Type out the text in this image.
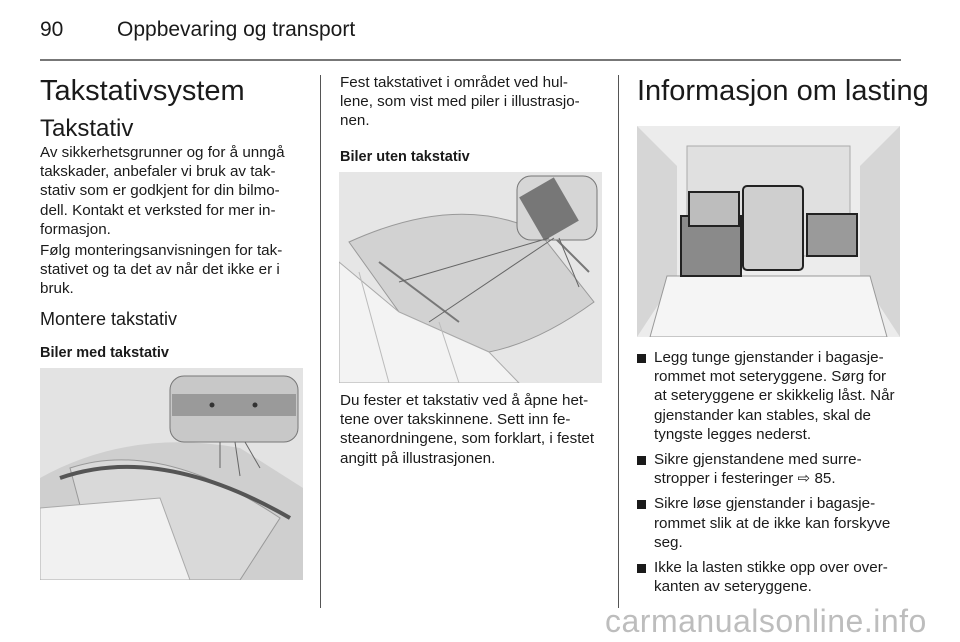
90	Oppbevaring og transport
Takstativsystem
Takstativ
Av sikkerhetsgrunner og for å unngå
takskader, anbefaler vi bruk av tak-
stativ som er godkjent for din bilmo-
dell. Kontakt et verksted for mer in-
formasjon.
Følg monteringsanvisningen for tak-
stativet og ta det av når det ikke er i
bruk.
Montere takstativ
Biler med takstativ
Fest takstativet i området ved hul-
lene, som vist med piler i illustrasjo-
nen.
Biler uten takstativ
Du fester et takstativ ved å åpne het-
tene over takskinnene. Sett inn fe-
steanordningene, som forklart, i festet
angitt på illustrasjonen.
Informasjon om lasting
Legg tunge gjenstander i bagasje-
rommet mot seteryggene. Sørg for
at seteryggene er skikkelig låst. Når
gjenstander kan stables, skal de
tyngste legges nederst.
Sikre gjenstandene med surre-
stropper i festeringer ⇨ 85.
Sikre løse gjenstander i bagasje-
rommet slik at de ikke kan forskyve
seg.
Ikke la lasten stikke opp over over-
kanten av seteryggene.
carmanualsonline.info
